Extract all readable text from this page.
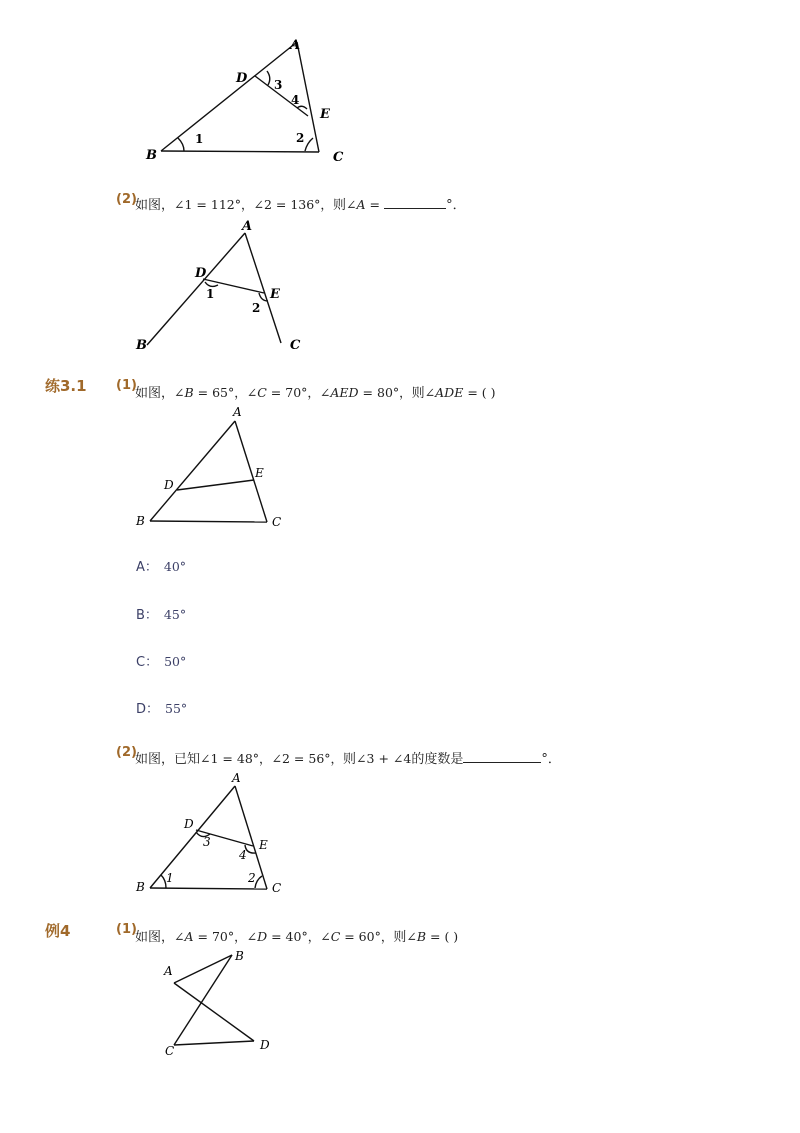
A
B	C
D
E
1	2
3
4
(2)
如图，∠1 = 112°，∠2 = 136°，则∠A =	°．
A
B	C
D
E
1
2
练3.1 (1)
如图，∠B = 65°，∠C = 70°，∠AED = 80°，则∠ADE = ( )
A
B	C
D
E
A： 40°
B： 45°
C： 50°
D： 55°
(2)
如图，已知∠1 = 48°，∠2 = 56°，则∠3 + ∠4的度数是	°．
A
B	C
D
E
1	2
3
4
例4	(1)
如图，∠A = 70°，∠D = 40°，∠C = 60°，则∠B = ( )
A
B
C	D
